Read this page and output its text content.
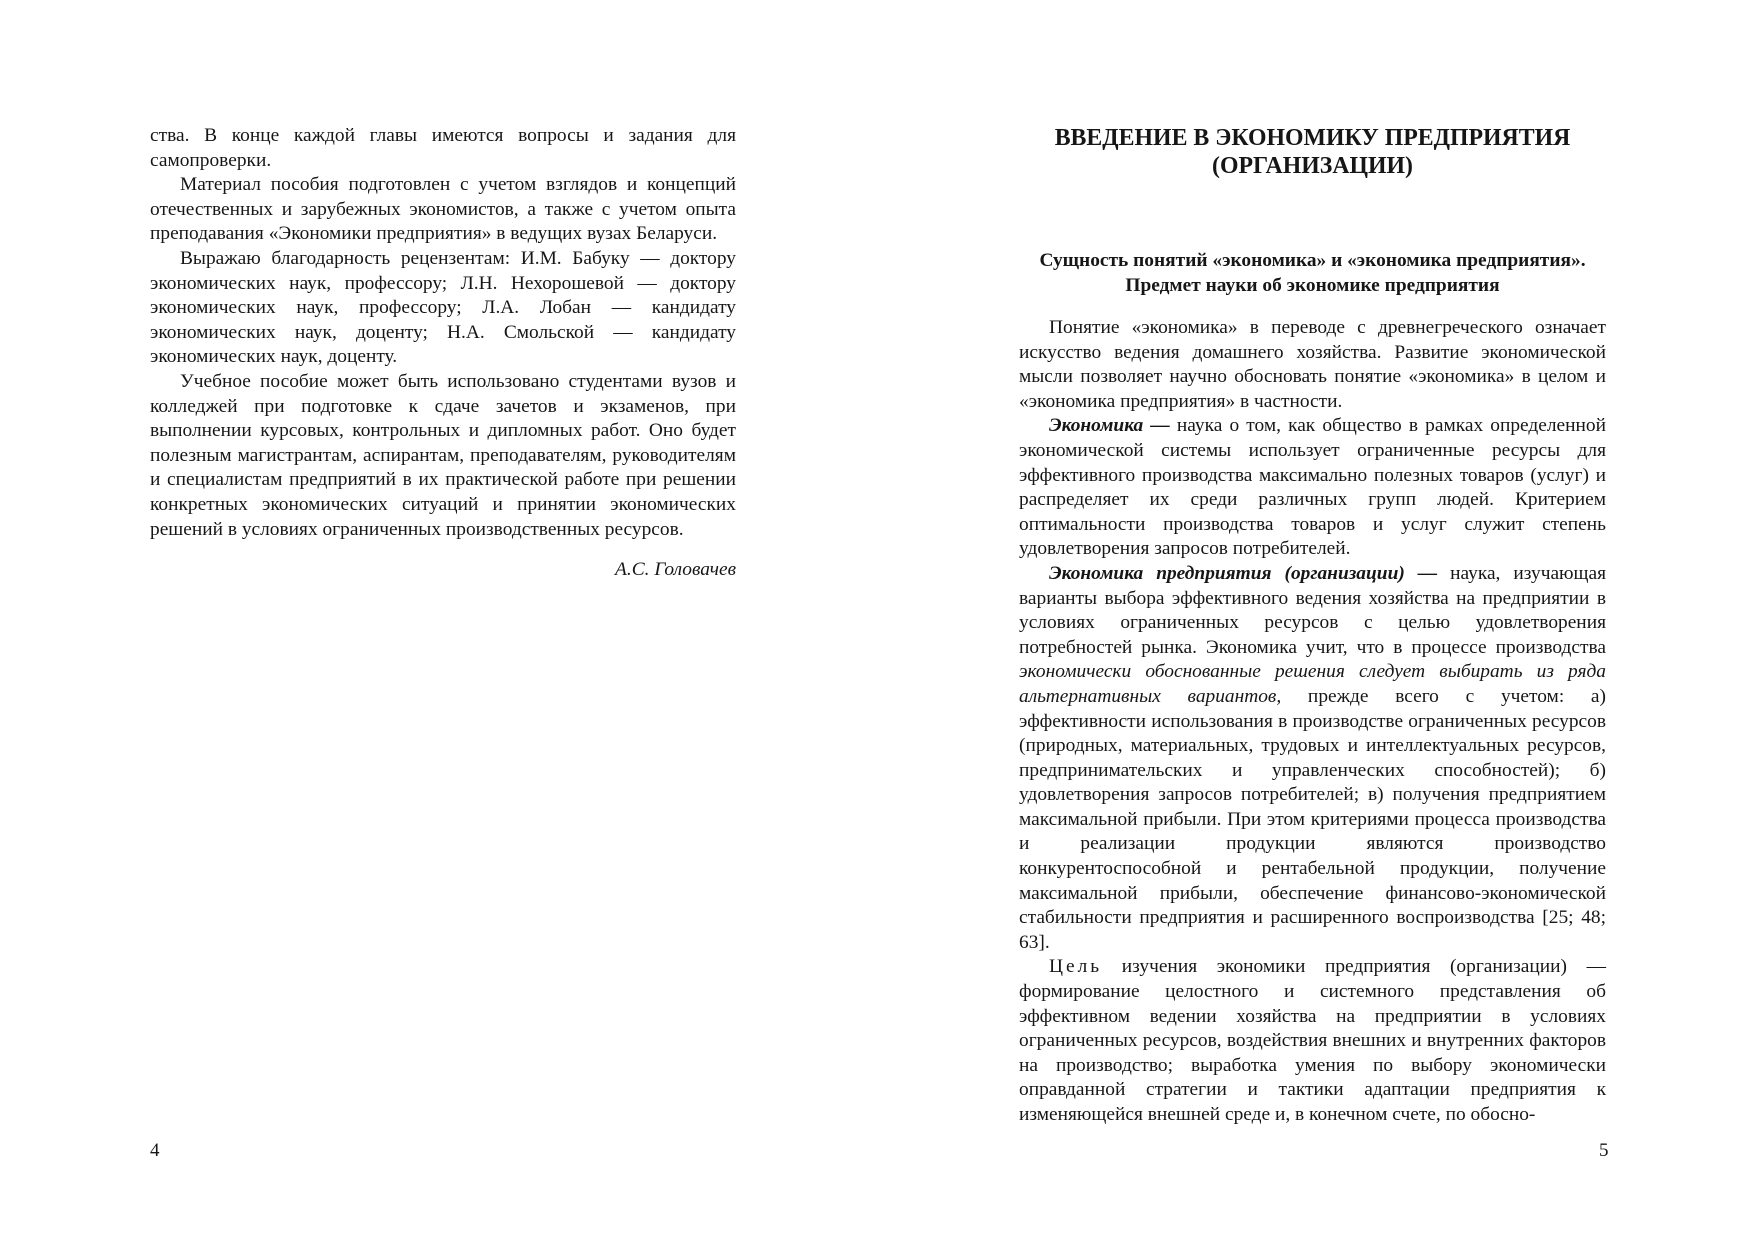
ства. В конце каждой главы имеются вопросы и задания для самопроверки.

Материал пособия подготовлен с учетом взглядов и концепций отечественных и зарубежных экономистов, а также с учетом опыта преподавания «Экономики предприятия» в ведущих вузах Беларуси.

Выражаю благодарность рецензентам: И.М. Бабуку — доктору экономических наук, профессору; Л.Н. Нехорошевой — доктору экономических наук, профессору; Л.А. Лобан — кандидату экономических наук, доценту; Н.А. Смольской — кандидату экономических наук, доценту.

Учебное пособие может быть использовано студентами вузов и колледжей при подготовке к сдаче зачетов и экзаменов, при выполнении курсовых, контрольных и дипломных работ. Оно будет полезным магистрантам, аспирантам, преподавателям, руководителям и специалистам предприятий в их практической работе при решении конкретных экономических ситуаций и принятии экономических решений в условиях ограниченных производственных ресурсов.

А.С. Головачев

4
ВВЕДЕНИЕ В ЭКОНОМИКУ ПРЕДПРИЯТИЯ
(ОРГАНИЗАЦИИ)
Сущность понятий «экономика» и «экономика предприятия».
Предмет науки об экономике предприятия

Понятие «экономика» в переводе с древнегреческого означает искусство ведения домашнего хозяйства. Развитие экономической мысли позволяет научно обосновать понятие «экономика» в целом и «экономика предприятия» в частности.

Экономика — наука о том, как общество в рамках определенной экономической системы использует ограниченные ресурсы для эффективного производства максимально полезных товаров (услуг) и распределяет их среди различных групп людей. Критерием оптимальности производства товаров и услуг служит степень удовлетворения запросов потребителей.

Экономика предприятия (организации) — наука, изучающая варианты выбора эффективного ведения хозяйства на предприятии в условиях ограниченных ресурсов с целью удовлетворения потребностей рынка. Экономика учит, что в процессе производства экономически обоснованные решения следует выбирать из ряда альтернативных вариантов, прежде всего с учетом: а) эффективности использования в производстве ограниченных ресурсов (природных, материальных, трудовых и интеллектуальных ресурсов, предпринимательских и управленческих способностей); б) удовлетворения запросов потребителей; в) получения предприятием максимальной прибыли. При этом критериями процесса производства и реализации продукции являются производство конкурентоспособной и рентабельной продукции, получение максимальной прибыли, обеспечение финансово-экономической стабильности предприятия и расширенного воспроизводства [25; 48; 63].

Цель изучения экономики предприятия (организации) — формирование целостного и системного представления об эффективном ведении хозяйства на предприятии в условиях ограниченных ресурсов, воздействия внешних и внутренних факторов на производство; выработка умения по выбору экономически оправданной стратегии и тактики адаптации предприятия к изменяющейся внешней среде и, в конечном счете, по обосно-

5
